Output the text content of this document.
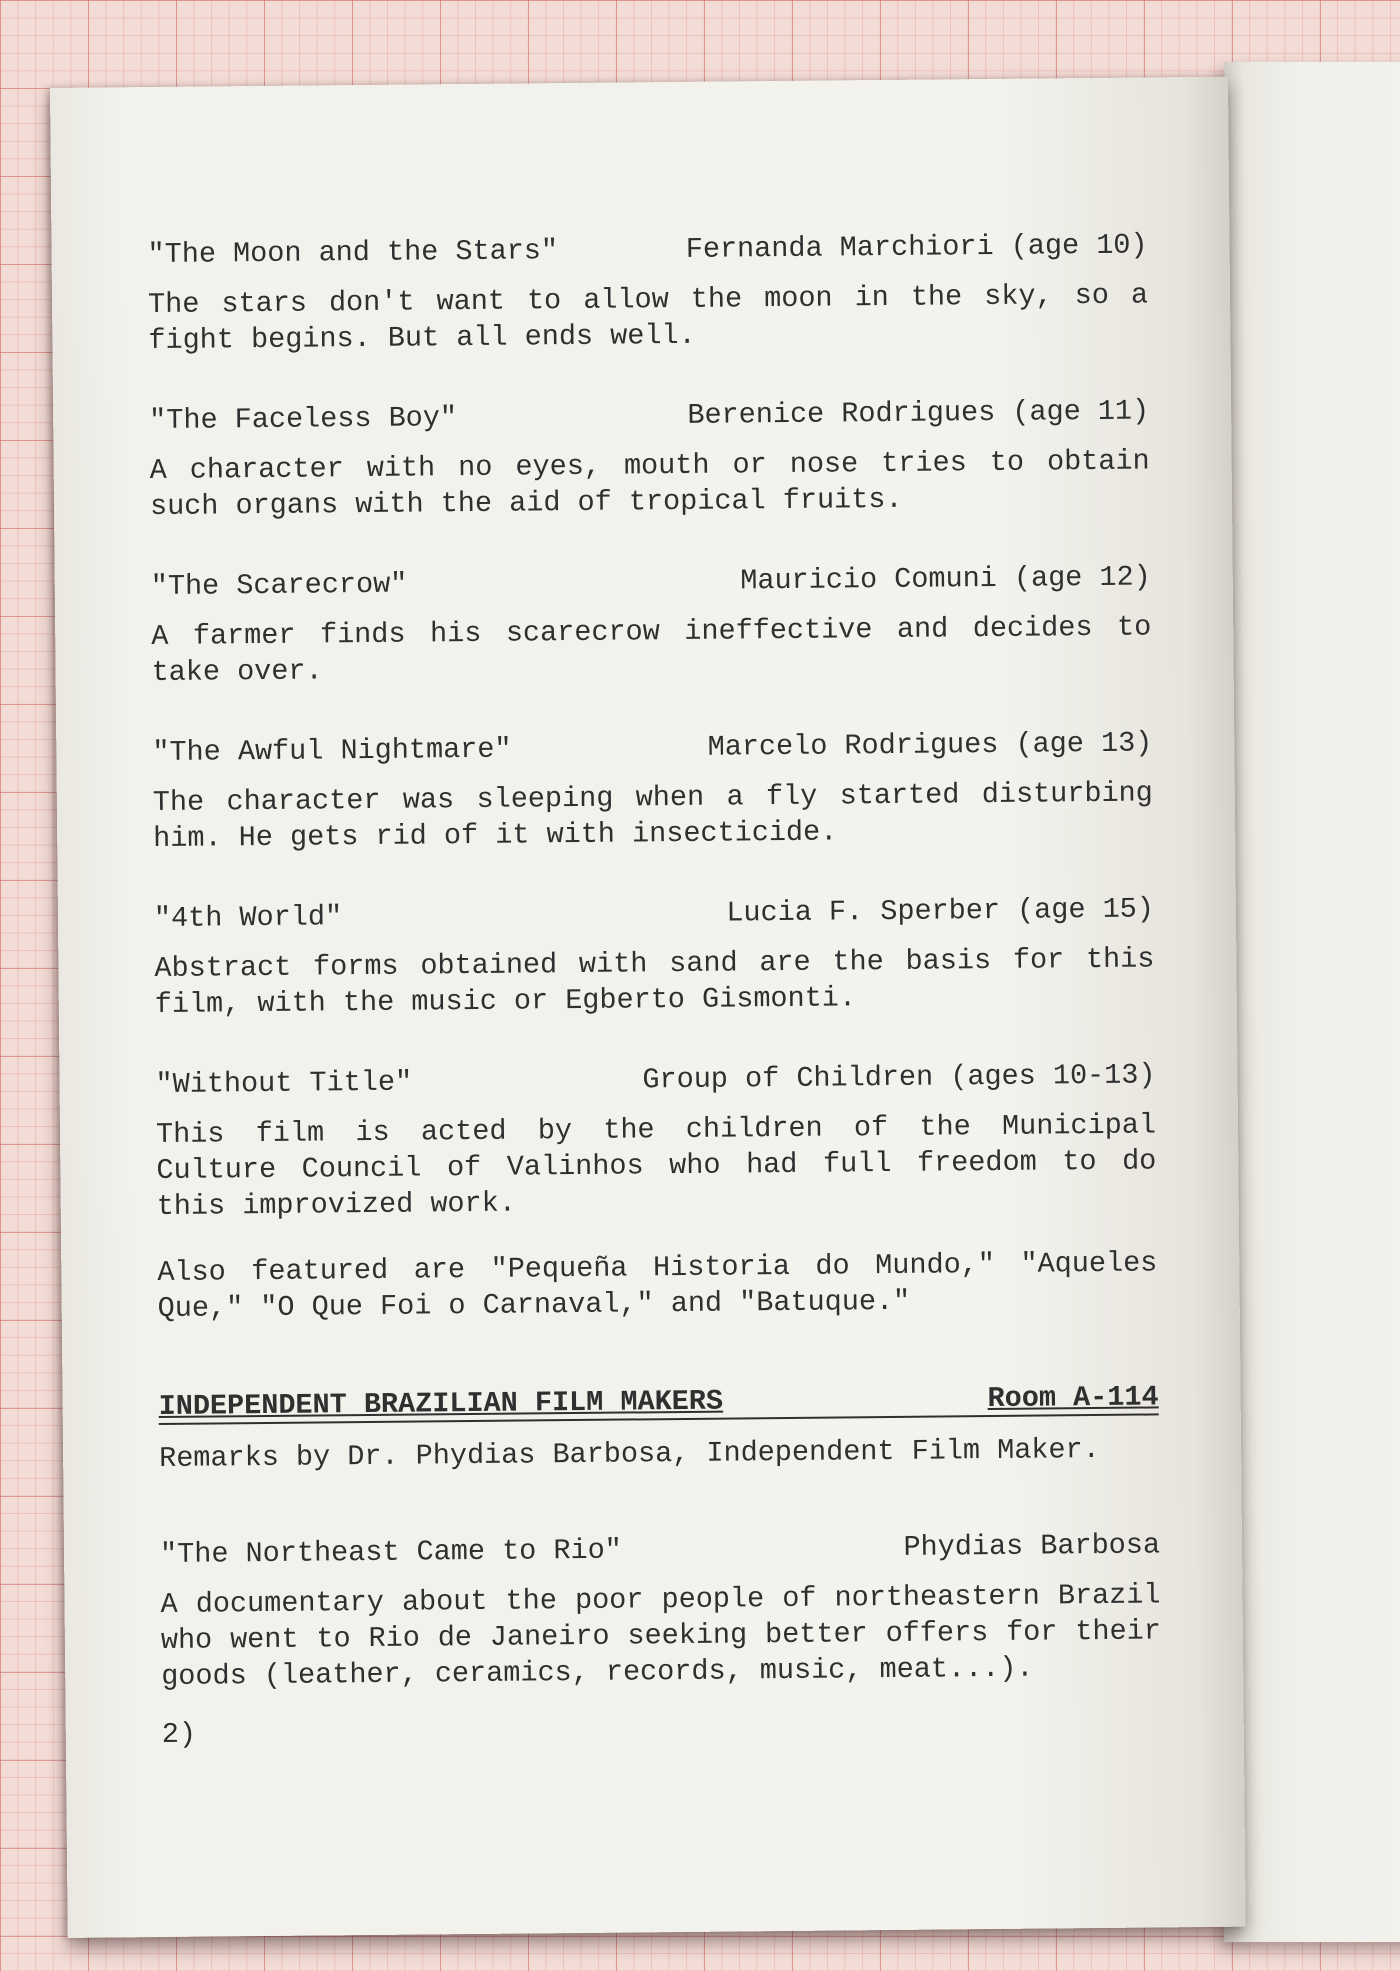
"The Moon and the Stars"	Fernanda Marchiori (age 10)

The stars don't want to allow the moon in the sky, so a fight begins. But all ends well.

"The Faceless Boy"	Berenice Rodrigues (age 11)

A character with no eyes, mouth or nose tries to obtain such organs with the aid of tropical fruits.

"The Scarecrow"	Mauricio Comuni (age 12)

A farmer finds his scarecrow ineffective and decides to take over.

"The Awful Nightmare"	Marcelo Rodrigues (age 13)

The character was sleeping when a fly started disturbing him. He gets rid of it with insecticide.

"4th World"	Lucia F. Sperber (age 15)

Abstract forms obtained with sand are the basis for this film, with the music or Egberto Gismonti.

"Without Title"	Group of Children (ages 10-13)

This film is acted by the children of the Municipal Culture Council of Valinhos who had full freedom to do this improvized work.

Also featured are "Pequeña Historia do Mundo," "Aqueles Que," "O Que Foi o Carnaval," and "Batuque."

INDEPENDENT BRAZILIAN FILM MAKERS	Room A-114

Remarks by Dr. Phydias Barbosa, Independent Film Maker.

"The Northeast Came to Rio"	Phydias Barbosa

A documentary about the poor people of northeastern Brazil who went to Rio de Janeiro seeking better offers for their goods (leather, ceramics, records, music, meat...).

2)
